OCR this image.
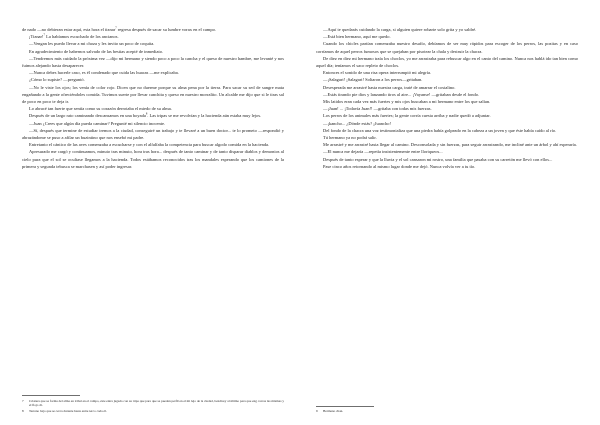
de nado —no debieran estar aquí, esta hora el tiznar$^7$ regresa después de sacar su lumbre vorax en el campo.

¡Tiznar!$^7$ La habíamos escuchado de los ancianos.

—Vengan les puedo llevar a mi choza y les invito un poco de coquita.

En agradecimiento de habernos salvado de las bestias acepté de inmediato.

—Tendremos más cuidado la próxima vez —dijo mi hermano y siendo poco a poco la cancha y el queso de nuestro hambre, me levanté y nos fuimos alejando hasta desaparecer.

—Nunca debes hacerle caso, es él condenado que cuida las huacas —me explicaba.

¿Cómo lo supiste? —preguntó.

—No le viste los ojos; los venía de color rojo. Dicen que no duerme porque su alma pena por la tierra. Para sacar su sed de sangre mata engañando a la gente ofreciéndoles comida. Tuvimos suerte por llevar canchita y queso en nuestro morralito. Un alcalde me dijo que si le tiras sal de poco en poco te deja ir.

Lo abracé tan fuerte que sentía como su corazón derrotaba el miedo de su alma.

Después de un largo rato caminando descansamos en una boyada$^8$. Las tripas se me revolvían y la hacienda aún estaba muy lejos.

—Juan ¿Crees que algún día pueda caminar? Pregunté mi silencio inocente.

—Sí, después que termine de estudiar iremos a la ciudad, conseguiré un trabajo y te llevaré a un buen doctor... te lo prometo —respondió y abrazándome se puso a afilar un buzintino que nos ensebó mi padre.

Entretanto el cántico de las aves comenzaba a escucharse y con el alfalfaba la competencia para buscar algodo comida en la hacienda.

Apresurado me cargó y continuamos, minuto tras minuto, hora tras hora... después de tanto caminar y de tanto disparar diablos y demonios al cielo pura que el sol se ocultase llegamos a la hacienda. Todos estábamos reconocidos tras los mandales esperando que los camiones de la primera y segunda tebusca se marchasen y así poder ingresar.

7	Criatura que se forma del alma en tribal en el campo, éste entra jugada con su tripa que para que se puedan perfil en el mi lejo de la ciudad, bendicey al último para que eng carcas las mismas y el flojo di.
8	Terreno bajo que se cerca durante hasta entre terco cada él.

—Aquí te quedarás cuidando la carga, si alguien quiere robarte solo grita y yo saldré.

—Está bien hermano, aquí me quedo.

Cuando los chicles partían comenzaba nuestro desafío, debíamos de ser muy rápidos para escoger de los perros, las pozitas y en caso corríamos de aquel perros fumosos que se quejaban por pisotear la chala y destruir la chacra.

De diez en diez mi hermano traía los choclos, yo me arrastraba para rebuscar algo en el canto del camino. Nunca nos hablá ido tan bien como aquel día; teníamos el saco repleto de choclos.

Entonces el sonido de una risa opera interrumpió mi alegría.

—¡Salagari! ¡Salagari! Soltaron a los perros—gritaban.

Desesperada me arrastré hasta nuestra carga, traté de amarrar el costalino.

—Estás tirando pie dios y lanzando tiros al aire... ¡Vayanse! —gritaban desde el fondo.

Mis latidos eran cada vez más fuertes y mis ojos buscaban a mi hermano entre los que salían.

—¡Juan! ... ¡Todavía Juan!! —gritaba con todas mis fuerzas.

Los perros de los animales más fuertes; la gente corría cuesta arriba y nadie quedó a adjuntar.

—¡kancho... ¿Dónde estás? ¡Juancho!

Del fondo de la chacra una voz testimonializa que una piedra había golpeado en la cabeza a un joven y que éste había caído al río.

Tú hermano ya no podrá salir.

Me arrastré y me arrastré hasta llegar al camino. Desconsolada y sin fuerzas, para seguir arrastrando, me incliné ante un árbol y ahí esperaría.

—El nunca me dejaría —repetía insistentemente entre lloriqueos...

Después de tanto esperar y que la lluvia y el sol cansaron mi rostro, una familia que pasaba con su carretón me llevó con ellos...

Pase cinco años retornando al mismo lugar donde me dejó. Nunca volvía ver a tu tío.

9	Hermano chan.
